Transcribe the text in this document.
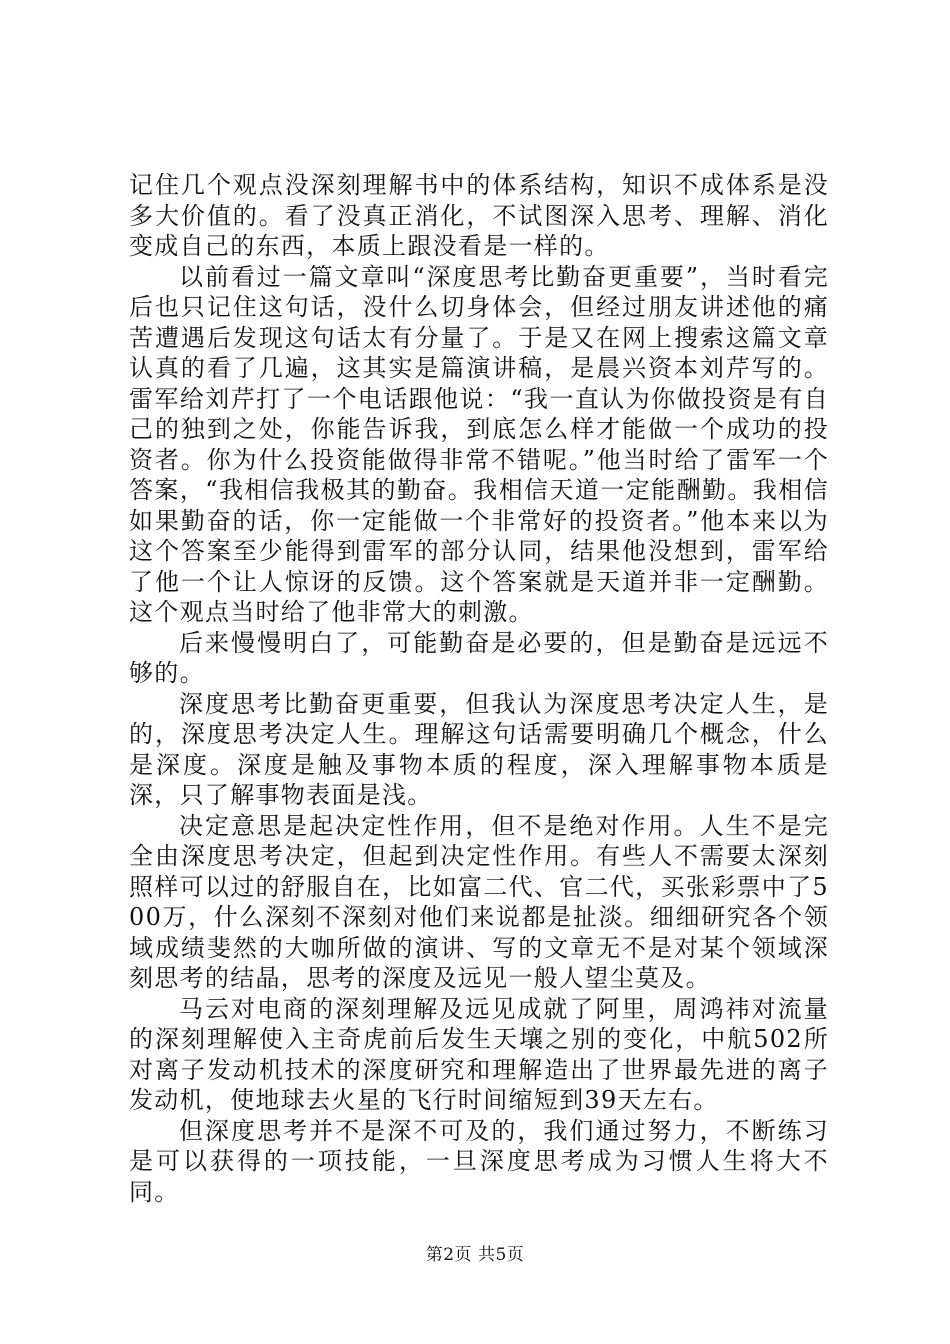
记住几个观点没深刻理解书中的体系结构，知识不成体系是没多大价值的。看了没真正消化，不试图深入思考、理解、消化变成自己的东西，本质上跟没看是一样的。

以前看过一篇文章叫“深度思考比勤奋更重要”，当时看完后也只记住这句话，没什么切身体会，但经过朋友讲述他的痛苦遭遇后发现这句话太有分量了。于是又在网上搜索这篇文章认真的看了几遍，这其实是篇演讲稿，是晨兴资本刘芹写的。雷军给刘芹打了一个电话跟他说：“我一直认为你做投资是有自己的独到之处，你能告诉我，到底怎么样才能做一个成功的投资者。你为什么投资能做得非常不错呢。”他当时给了雷军一个答案，“我相信我极其的勤奋。我相信天道一定能酬勤。我相信如果勤奋的话，你一定能做一个非常好的投资者。”他本来以为这个答案至少能得到雷军的部分认同，结果他没想到，雷军给了他一个让人惊讶的反馈。这个答案就是天道并非一定酬勤。这个观点当时给了他非常大的刺激。

后来慢慢明白了，可能勤奋是必要的，但是勤奋是远远不够的。

深度思考比勤奋更重要，但我认为深度思考决定人生，是的，深度思考决定人生。理解这句话需要明确几个概念，什么是深度。深度是触及事物本质的程度，深入理解事物本质是深，只了解事物表面是浅。

决定意思是起决定性作用，但不是绝对作用。人生不是完全由深度思考决定，但起到决定性作用。有些人不需要太深刻照样可以过的舒服自在，比如富二代、官二代，买张彩票中了500万，什么深刻不深刻对他们来说都是扯淡。细细研究各个领域成绩斐然的大咖所做的演讲、写的文章无不是对某个领域深刻思考的结晶，思考的深度及远见一般人望尘莫及。

马云对电商的深刻理解及远见成就了阿里，周鸿祎对流量的深刻理解使入主奇虎前后发生天壤之别的变化，中航502所对离子发动机技术的深度研究和理解造出了世界最先进的离子发动机，使地球去火星的飞行时间缩短到39天左右。

但深度思考并不是深不可及的，我们通过努力，不断练习是可以获得的一项技能，一旦深度思考成为习惯人生将大不同。

第2页 共5页
